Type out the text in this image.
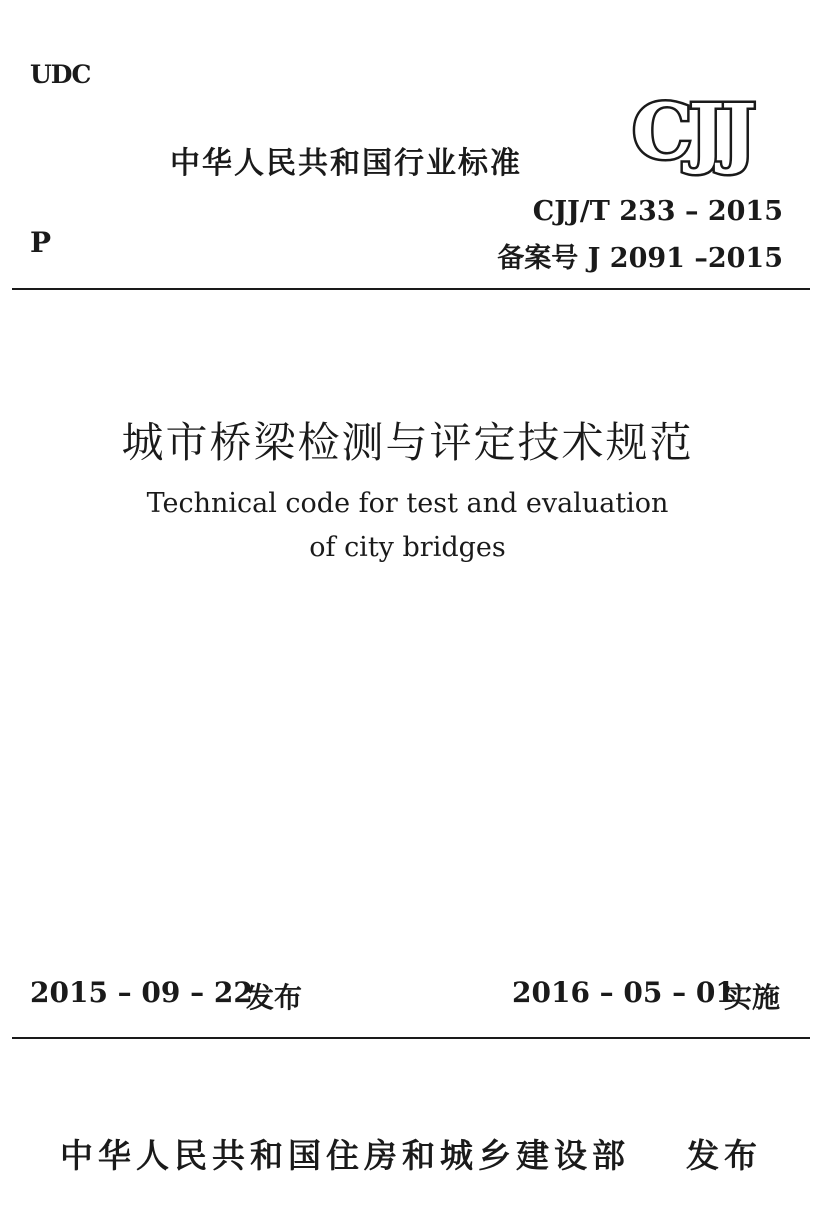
UDC
中华人民共和国行业标准 CJJ
CJJ/T 233 – 2015
P	备案号 J 2091 –2015
城市桥梁检测与评定技术规范
Technical code for test and evaluation
of city bridges
2015 – 09 – 22
发布	2016 – 05 – 01
实施
中华人民共和国住房和城乡建设部 发布
